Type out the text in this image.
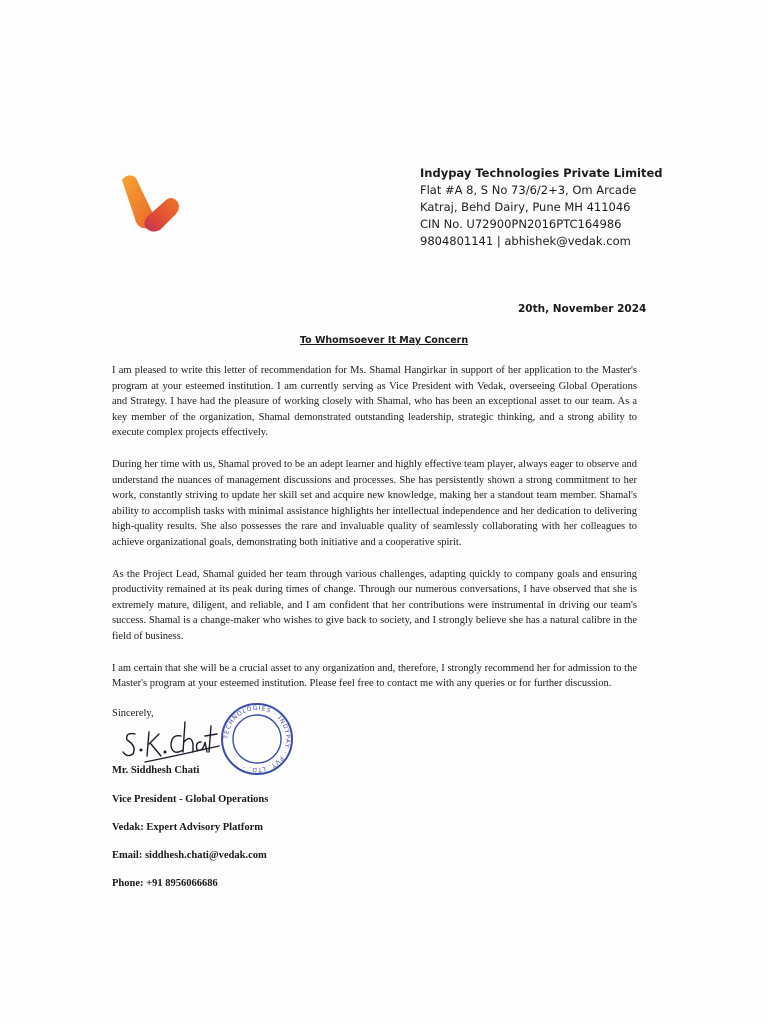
Indypay Technologies Private Limited
Flat #A 8, S No 73/6/2+3, Om Arcade
Katraj, Behd Dairy, Pune MH 411046
CIN No. U72900PN2016PTC164986
9804801141 | abhishek@vedak.com
20th, November 2024
To Whomsoever It May Concern

I am pleased to write this letter of recommendation for Ms. Shamal Hangirkar in support of her application to the Master's program at your esteemed institution. I am currently serving as Vice President with Vedak, overseeing Global Operations and Strategy. I have had the pleasure of working closely with Shamal, who has been an exceptional asset to our team. As a key member of the organization, Shamal demonstrated outstanding leadership, strategic thinking, and a strong ability to execute complex projects effectively.

During her time with us, Shamal proved to be an adept learner and highly effective team player, always eager to observe and understand the nuances of management discussions and processes. She has persistently shown a strong commitment to her work, constantly striving to update her skill set and acquire new knowledge, making her a standout team member. Shamal's ability to accomplish tasks with minimal assistance highlights her intellectual independence and her dedication to delivering high-quality results. She also possesses the rare and invaluable quality of seamlessly collaborating with her colleagues to achieve organizational goals, demonstrating both initiative and a cooperative spirit.

As the Project Lead, Shamal guided her team through various challenges, adapting quickly to company goals and ensuring productivity remained at its peak during times of change. Through our numerous conversations, I have observed that she is extremely mature, diligent, and reliable, and I am confident that her contributions were instrumental in driving our team's success. Shamal is a change-maker who wishes to give back to society, and I strongly believe she has a natural calibre in the field of business.

I am certain that she will be a crucial asset to any organization and, therefore, I strongly recommend her for admission to the Master's program at your esteemed institution. Please feel free to contact me with any queries or for further discussion.

Sincerely,
TECHNOLOGIES · INDYPAY · PVT. LTD. ·
Mr. Siddhesh Chati
Vice President - Global Operations
Vedak: Expert Advisory Platform
Email: siddhesh.chati@vedak.com
Phone: +91 8956066686
